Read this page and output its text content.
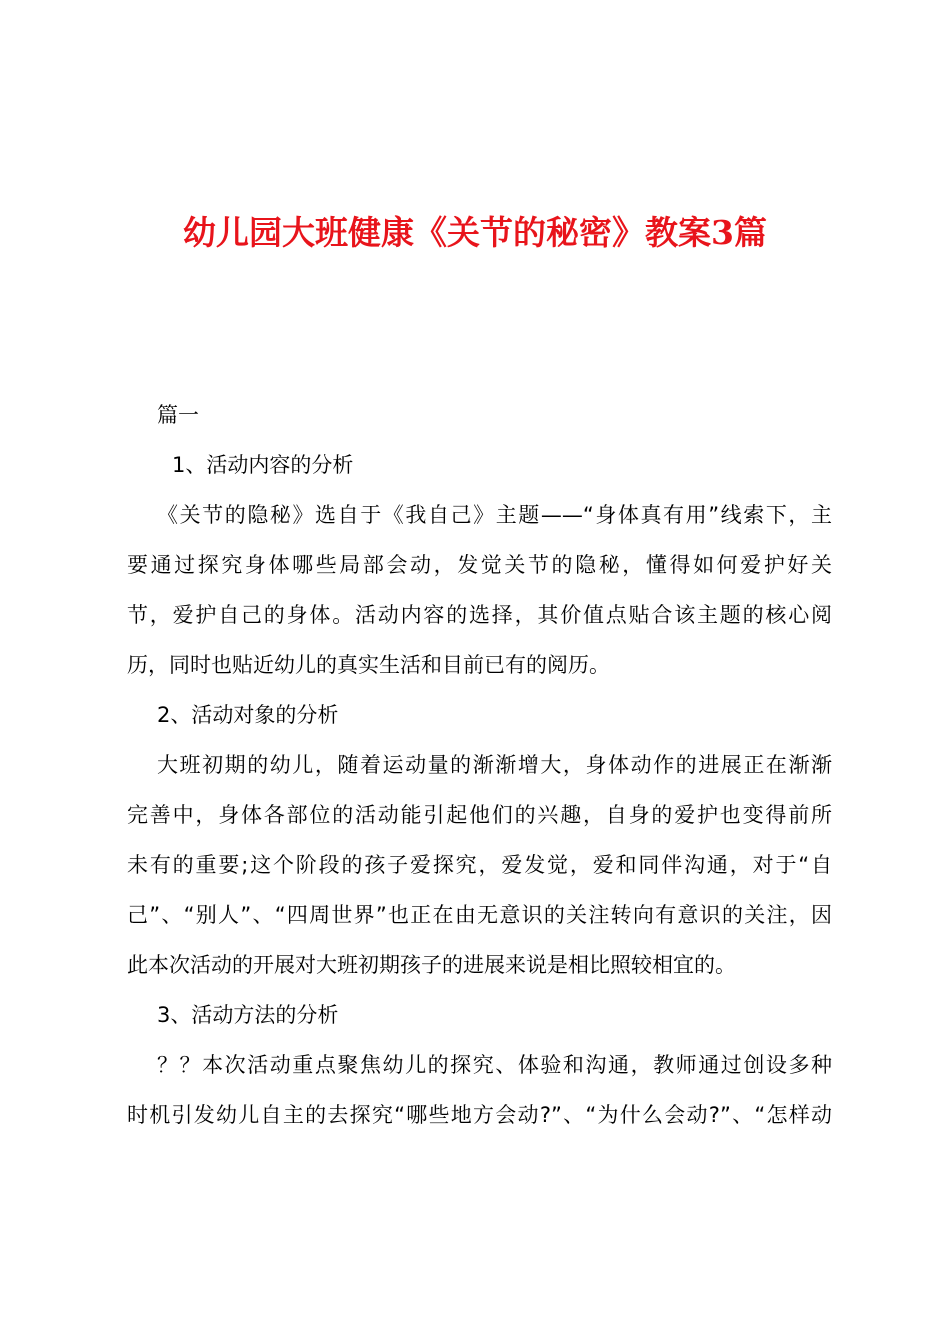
幼儿园大班健康《关节的秘密》教案3篇

篇一

1、活动内容的分析

《关节的隐秘》选自于《我自己》主题——“身体真有用”线索下，主
要通过探究身体哪些局部会动，发觉关节的隐秘，懂得如何爱护好关
节，爱护自己的身体。活动内容的选择，其价值点贴合该主题的核心阅
历，同时也贴近幼儿的真实生活和目前已有的阅历。

2、活动对象的分析

大班初期的幼儿，随着运动量的渐渐增大，身体动作的进展正在渐渐
完善中，身体各部位的活动能引起他们的兴趣，自身的爱护也变得前所
未有的重要;这个阶段的孩子爱探究，爱发觉，爱和同伴沟通，对于“自
己”、“别人”、“四周世界”也正在由无意识的关注转向有意识的关注，因
此本次活动的开展对大班初期孩子的进展来说是相比照较相宜的。

3、活动方法的分析

？？本次活动重点聚焦幼儿的探究、体验和沟通，教师通过创设多种
时机引发幼儿自主的去探究“哪些地方会动?”、“为什么会动?”、“怎样动
